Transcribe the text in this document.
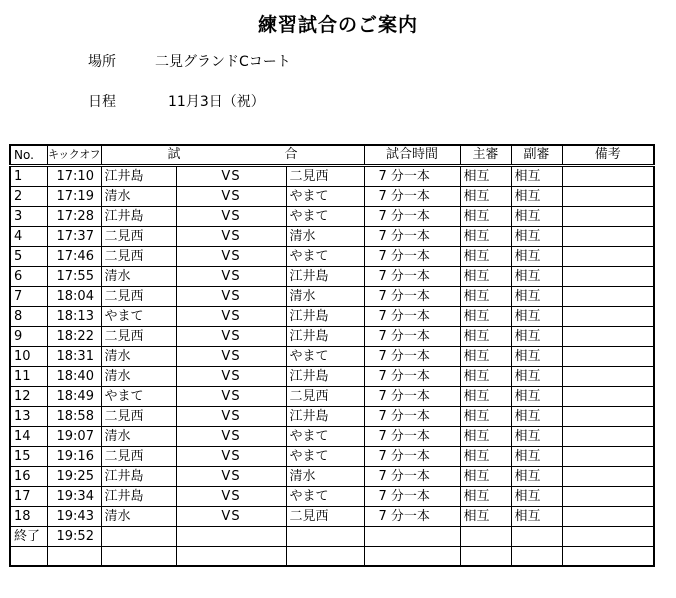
練習試合のご案内
場所	二見グランドCコート
日程	11月3日（祝）
No.	キックオフ	試　　合			試合時間	主審	副審	備考
1	17:10	江井島	VS	二見西	7 分一本	相互	相互	
2	17:19	清水	VS	やまて	7 分一本	相互	相互	
3	17:28	江井島	VS	やまて	7 分一本	相互	相互	
4	17:37	二見西	VS	清水	7 分一本	相互	相互	
5	17:46	二見西	VS	やまて	7 分一本	相互	相互	
6	17:55	清水	VS	江井島	7 分一本	相互	相互	
7	18:04	二見西	VS	清水	7 分一本	相互	相互	
8	18:13	やまて	VS	江井島	7 分一本	相互	相互	
9	18:22	二見西	VS	江井島	7 分一本	相互	相互	
10	18:31	清水	VS	やまて	7 分一本	相互	相互	
11	18:40	清水	VS	江井島	7 分一本	相互	相互	
12	18:49	やまて	VS	二見西	7 分一本	相互	相互	
13	18:58	二見西	VS	江井島	7 分一本	相互	相互	
14	19:07	清水	VS	やまて	7 分一本	相互	相互	
15	19:16	二見西	VS	やまて	7 分一本	相互	相互	
16	19:25	江井島	VS	清水	7 分一本	相互	相互	
17	19:34	江井島	VS	やまて	7 分一本	相互	相互	
18	19:43	清水	VS	二見西	7 分一本	相互	相互	
終了	19:52							
